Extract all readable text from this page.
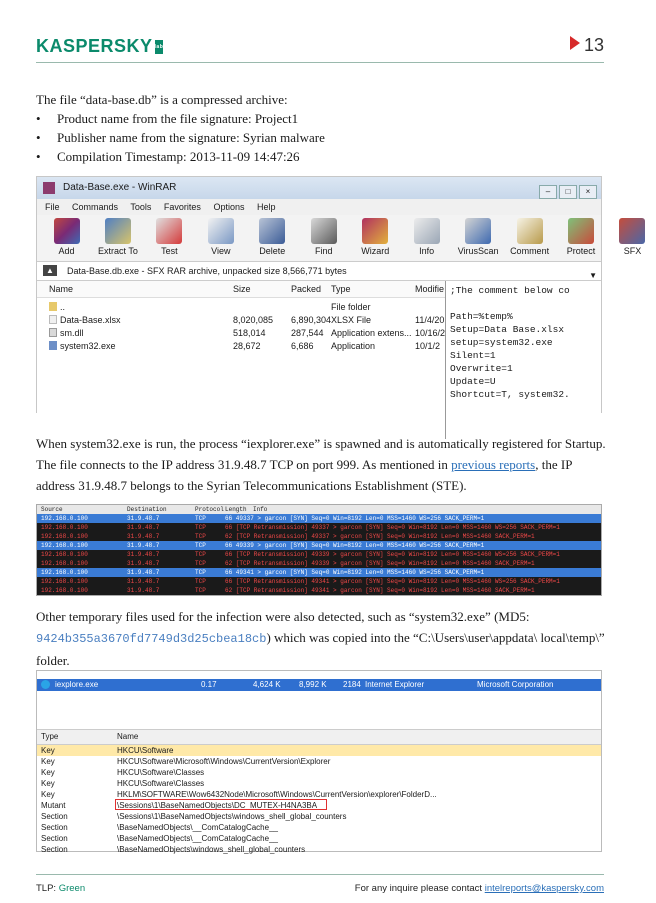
KASPERSKY lab	13

The file “data-base.db” is a compressed archive:

• Product name from the file signature: Project1
• Publisher name from the signature: Syrian malware
• Compilation Timestamp: 2013-11-09 14:47:26
Data-Base.exe - WinRAR	– □ ×
File Commands Tools Favorites Options Help
Add	Extract To	Test	View	Delete	Find	Wizard	Info	VirusScan Comment Protect	SFX
▲	Data-Base.db.exe - SFX RAR archive, unpacked size 8,566,771 bytes	▼
Name	Size	Packed Type	Modifie
..	File folder
Data-Base.xlsx	8,020,085 6,890,304 XLSX File	11/4/20
sm.dll	518,014	287,544 Application extens... 10/16/2
system32.exe	28,672	6,686 Application	10/1/2
;The comment below co

Path=%temp%
Setup=Data Base.xlsx
setup=system32.exe
Silent=1
Overwrite=1
Update=U
Shortcut=T, system32.

When system32.exe is run, the process “iexplorer.exe” is spawned and is automatically registered for Startup. The file connects to the IP address 31.9.48.7 TCP on port 999. As mentioned in previous reports, the IP address 31.9.48.7 belongs to the Syrian Telecommunications Establishment (STE).

Source	Destination	Protocol Length Info
192.168.0.100	31.9.48.7	TCP	66 49337 > garcon [SYN] Seq=0 Win=8192 Len=0 MSS=1460 WS=256 SACK_PERM=1
192.168.0.100	31.9.48.7	TCP	66 [TCP Retransmission] 49337 > garcon [SYN] Seq=0 Win=8192 Len=0 MSS=1460 WS=256 SACK_PERM=1
192.168.0.100	31.9.48.7	TCP	62 [TCP Retransmission] 49337 > garcon [SYN] Seq=0 Win=8192 Len=0 MSS=1460 SACK_PERM=1
192.168.0.100	31.9.48.7	TCP	66 49339 > garcon [SYN] Seq=0 Win=8192 Len=0 MSS=1460 WS=256 SACK_PERM=1
192.168.0.100	31.9.48.7	TCP	66 [TCP Retransmission] 49339 > garcon [SYN] Seq=0 Win=8192 Len=0 MSS=1460 WS=256 SACK_PERM=1
192.168.0.100	31.9.48.7	TCP	62 [TCP Retransmission] 49339 > garcon [SYN] Seq=0 Win=8192 Len=0 MSS=1460 SACK_PERM=1
192.168.0.100	31.9.48.7	TCP	66 49341 > garcon [SYN] Seq=0 Win=8192 Len=0 MSS=1460 WS=256 SACK_PERM=1
192.168.0.100	31.9.48.7	TCP	66 [TCP Retransmission] 49341 > garcon [SYN] Seq=0 Win=8192 Len=0 MSS=1460 WS=256 SACK_PERM=1
192.168.0.100	31.9.48.7	TCP	62 [TCP Retransmission] 49341 > garcon [SYN] Seq=0 Win=8192 Len=0 MSS=1460 SACK_PERM=1

Other temporary files used for the infection were also detected, such as “system32.exe” (MD5: 9424b355a3670fd7749d3d25cbea18cb) which was copied into the “C:\Users\user\appdata\ local\temp\” folder.

iexplore.exe	0.17	4,624 K 8,992 K 2184 Internet Explorer	Microsoft Corporation
Type	Name
Key	HKCU\Software
Key	HKCU\Software\Microsoft\Windows\CurrentVersion\Explorer
Key	HKCU\Software\Classes
Key	HKCU\Software\Classes
Key	HKLM\SOFTWARE\Wow6432Node\Microsoft\Windows\CurrentVersion\explorer\FolderD...
Mutant	\Sessions\1\BaseNamedObjects\DC_MUTEX-H4NA3BA
Section	\Sessions\1\BaseNamedObjects\windows_shell_global_counters
Section	\BaseNamedObjects\__ComCatalogCache__
Section	\BaseNamedObjects\__ComCatalogCache__
Section	\BaseNamedObjects\windows_shell_global_counters
TLP: Green	For any inquire please contact intelreports@kaspersky.com
